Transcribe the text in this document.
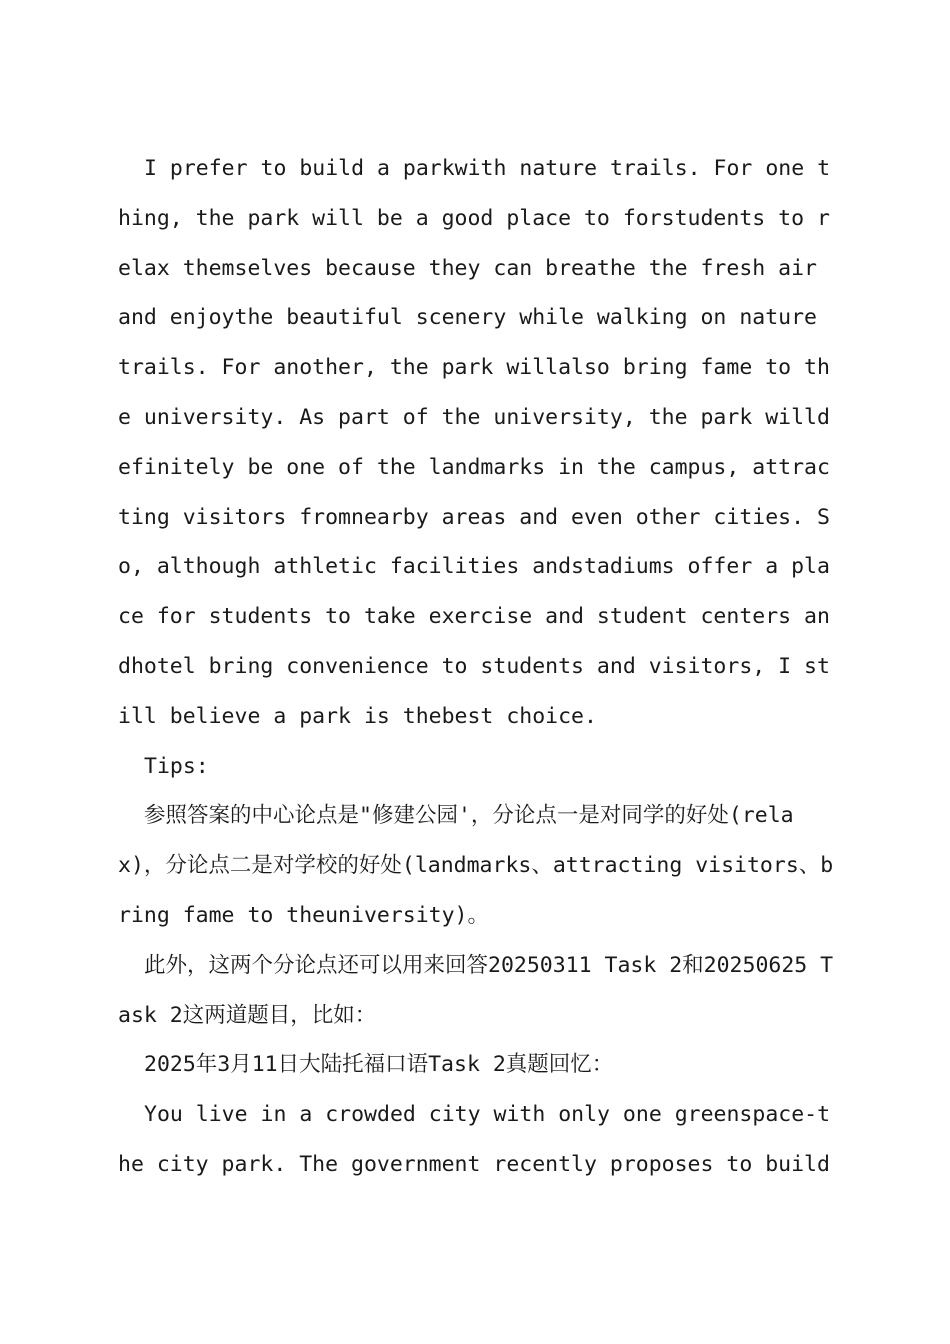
I prefer to build a parkwith nature trails. For one thing, the park will be a good place to forstudents to relax themselves because they can breathe the fresh air and enjoythe beautiful scenery while walking on nature trails. For another, the park willalso bring fame to the university. As part of the university, the park willdefinitely be one of the landmarks in the campus, attracting visitors fromnearby areas and even other cities. So, although athletic facilities andstadiums offer a place for students to take exercise and student centers andhotel bring convenience to students and visitors, I still believe a park is thebest choice.

Tips:

参照答案的中心论点是"修建公园'，分论点一是对同学的好处(relax)，分论点二是对学校的好处(landmarks、attracting visitors、bring fame to theuniversity)。

此外，这两个分论点还可以用来回答20250311 Task 2和20250625 Task 2这两道题目，比如：

2025年3月11日大陆托福口语Task 2真题回忆：

You live in a crowded city with only one greenspace-the city park. The government recently proposes to build
